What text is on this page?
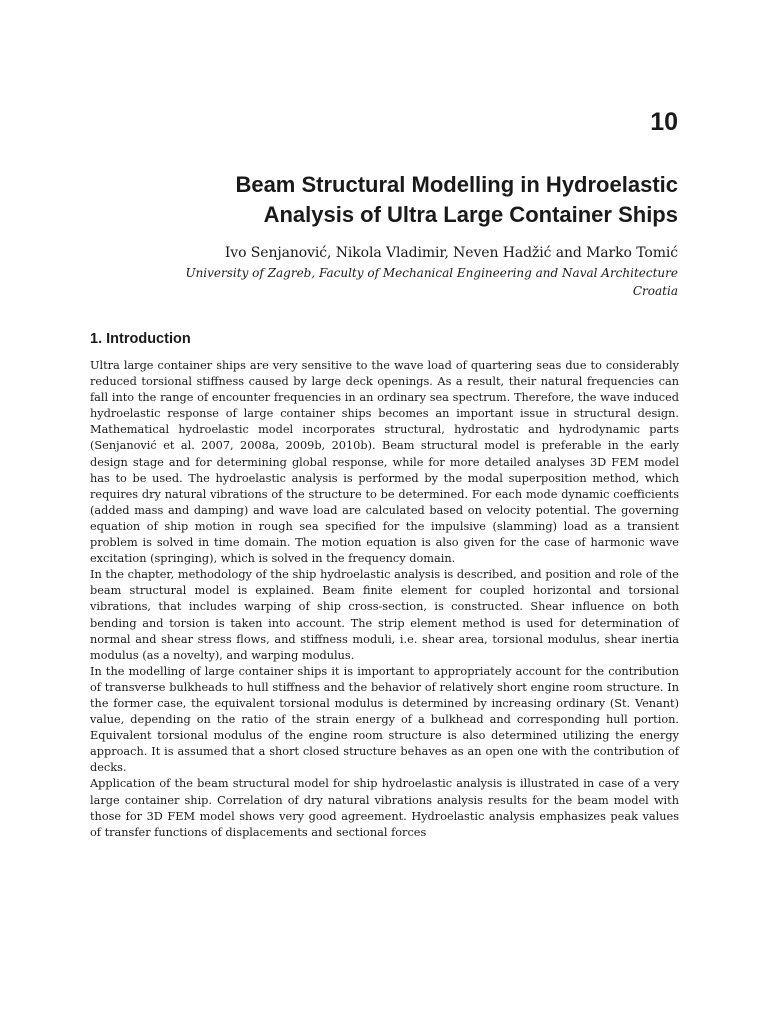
10
Beam Structural Modelling in Hydroelastic
Analysis of Ultra Large Container Ships

Ivo Senjanović, Nikola Vladimir, Neven Hadžić and Marko Tomić

University of Zagreb, Faculty of Mechanical Engineering and Naval Architecture
Croatia

1. Introduction

Ultra large container ships are very sensitive to the wave load of quartering seas due to considerably reduced torsional stiffness caused by large deck openings. As a result, their natural frequencies can fall into the range of encounter frequencies in an ordinary sea spectrum. Therefore, the wave induced hydroelastic response of large container ships becomes an important issue in structural design. Mathematical hydroelastic model incorporates structural, hydrostatic and hydrodynamic parts (Senjanović et al. 2007, 2008a, 2009b, 2010b). Beam structural model is preferable in the early design stage and for determining global response, while for more detailed analyses 3D FEM model has to be used. The hydroelastic analysis is performed by the modal superposition method, which requires dry natural vibrations of the structure to be determined. For each mode dynamic coefficients (added mass and damping) and wave load are calculated based on velocity potential. The governing equation of ship motion in rough sea specified for the impulsive (slamming) load as a transient problem is solved in time domain. The motion equation is also given for the case of harmonic wave excitation (springing), which is solved in the frequency domain.

In the chapter, methodology of the ship hydroelastic analysis is described, and position and role of the beam structural model is explained. Beam finite element for coupled horizontal and torsional vibrations, that includes warping of ship cross-section, is constructed. Shear influence on both bending and torsion is taken into account. The strip element method is used for determination of normal and shear stress flows, and stiffness moduli, i.e. shear area, torsional modulus, shear inertia modulus (as a novelty), and warping modulus.

In the modelling of large container ships it is important to appropriately account for the contribution of transverse bulkheads to hull stiffness and the behavior of relatively short engine room structure. In the former case, the equivalent torsional modulus is determined by increasing ordinary (St. Venant) value, depending on the ratio of the strain energy of a bulkhead and corresponding hull portion. Equivalent torsional modulus of the engine room structure is also determined utilizing the energy approach. It is assumed that a short closed structure behaves as an open one with the contribution of decks.

Application of the beam structural model for ship hydroelastic analysis is illustrated in case of a very large container ship. Correlation of dry natural vibrations analysis results for the beam model with those for 3D FEM model shows very good agreement. Hydroelastic analysis emphasizes peak values of transfer functions of displacements and sectional forces
